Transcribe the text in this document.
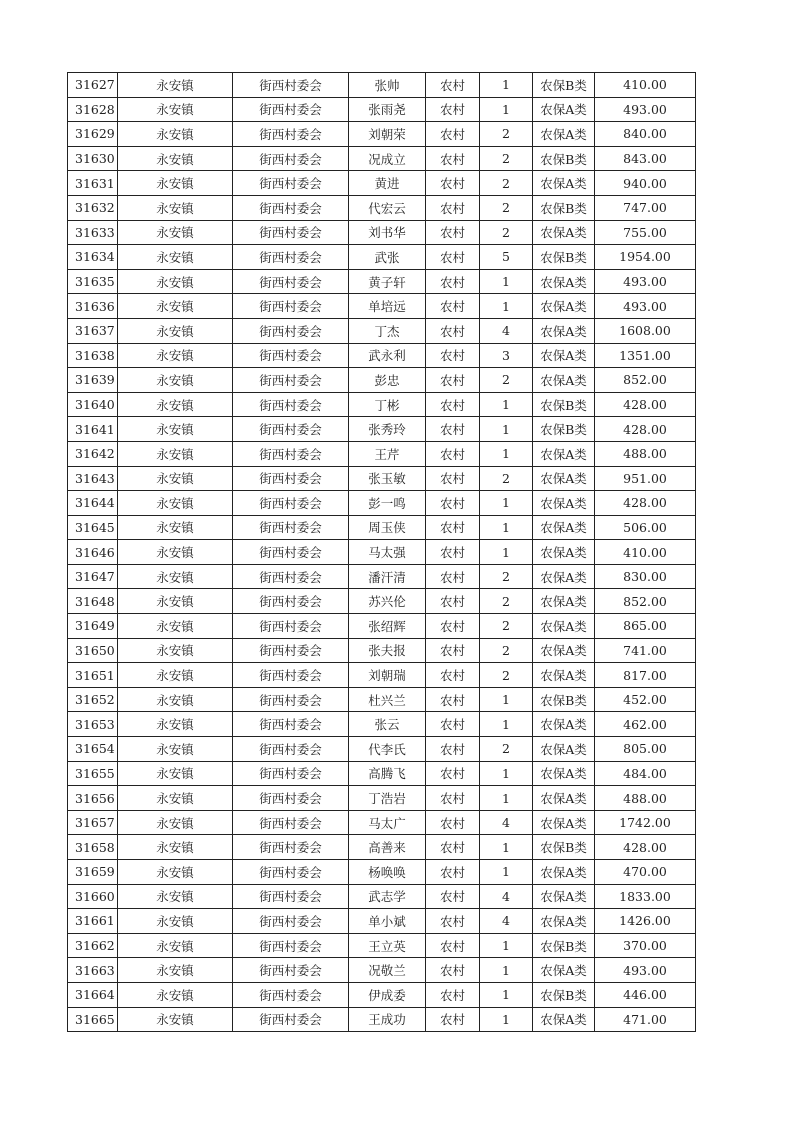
31627	永安镇	街西村委会	张帅	农村	1	农保B类	410.00
31628	永安镇	街西村委会	张雨尧	农村	1	农保A类	493.00
31629	永安镇	街西村委会	刘朝荣	农村	2	农保A类	840.00
31630	永安镇	街西村委会	况成立	农村	2	农保B类	843.00
31631	永安镇	街西村委会	黄进	农村	2	农保A类	940.00
31632	永安镇	街西村委会	代宏云	农村	2	农保B类	747.00
31633	永安镇	街西村委会	刘书华	农村	2	农保A类	755.00
31634	永安镇	街西村委会	武张	农村	5	农保B类	1954.00
31635	永安镇	街西村委会	黄子轩	农村	1	农保A类	493.00
31636	永安镇	街西村委会	单培远	农村	1	农保A类	493.00
31637	永安镇	街西村委会	丁杰	农村	4	农保A类	1608.00
31638	永安镇	街西村委会	武永利	农村	3	农保A类	1351.00
31639	永安镇	街西村委会	彭忠	农村	2	农保A类	852.00
31640	永安镇	街西村委会	丁彬	农村	1	农保B类	428.00
31641	永安镇	街西村委会	张秀玲	农村	1	农保B类	428.00
31642	永安镇	街西村委会	王芹	农村	1	农保A类	488.00
31643	永安镇	街西村委会	张玉敏	农村	2	农保A类	951.00
31644	永安镇	街西村委会	彭一鸣	农村	1	农保A类	428.00
31645	永安镇	街西村委会	周玉侠	农村	1	农保A类	506.00
31646	永安镇	街西村委会	马太强	农村	1	农保A类	410.00
31647	永安镇	街西村委会	潘汗清	农村	2	农保A类	830.00
31648	永安镇	街西村委会	苏兴伦	农村	2	农保A类	852.00
31649	永安镇	街西村委会	张绍辉	农村	2	农保A类	865.00
31650	永安镇	街西村委会	张夫报	农村	2	农保A类	741.00
31651	永安镇	街西村委会	刘朝瑞	农村	2	农保A类	817.00
31652	永安镇	街西村委会	杜兴兰	农村	1	农保B类	452.00
31653	永安镇	街西村委会	张云	农村	1	农保A类	462.00
31654	永安镇	街西村委会	代李氏	农村	2	农保A类	805.00
31655	永安镇	街西村委会	高腾飞	农村	1	农保A类	484.00
31656	永安镇	街西村委会	丁浩岩	农村	1	农保A类	488.00
31657	永安镇	街西村委会	马太广	农村	4	农保A类	1742.00
31658	永安镇	街西村委会	高善来	农村	1	农保B类	428.00
31659	永安镇	街西村委会	杨唤唤	农村	1	农保A类	470.00
31660	永安镇	街西村委会	武志学	农村	4	农保A类	1833.00
31661	永安镇	街西村委会	单小斌	农村	4	农保A类	1426.00
31662	永安镇	街西村委会	王立英	农村	1	农保B类	370.00
31663	永安镇	街西村委会	况敬兰	农村	1	农保A类	493.00
31664	永安镇	街西村委会	伊成委	农村	1	农保B类	446.00
31665	永安镇	街西村委会	王成功	农村	1	农保A类	471.00
